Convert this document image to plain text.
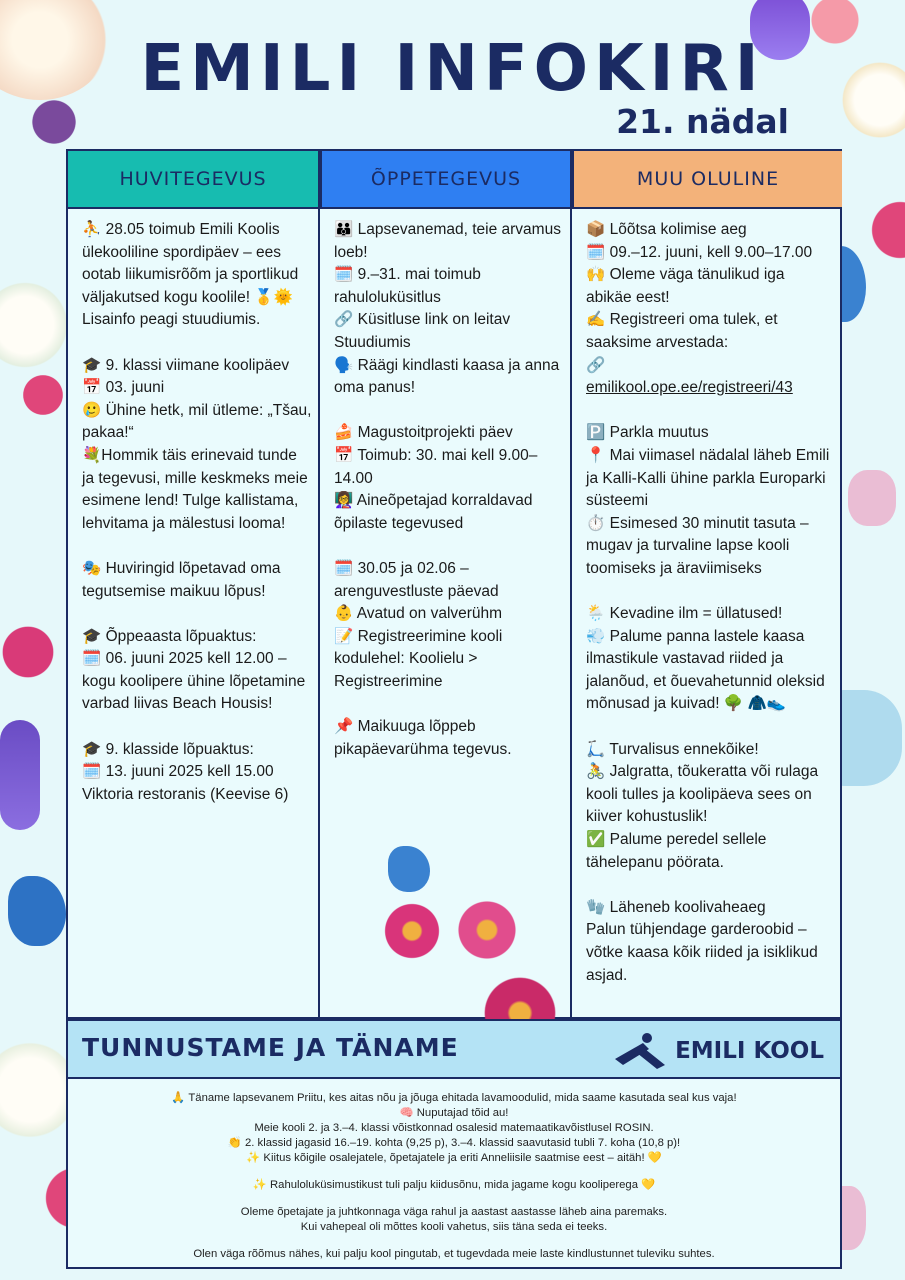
EMILI INFOKIRI
21. nädal
HUVITEGEVUS	ÕPPETEGEVUS	MUU OLULINE

⛹ 28.05 toimub Emili Koolis ülekooliline spordipäev – ees ootab liikumisrõõm ja sportlikud väljakutsed kogu koolile! 🥇🌞

Lisainfo peagi stuudiumis.

🎓 9. klassi viimane koolipäev

📅 03. juuni

🥲 Ühine hetk, mil ütleme: „Tšau, pakaa!“

💐Hommik täis erinevaid tunde ja tegevusi, mille keskmeks meie esimene lend! Tulge kallistama, lehvitama ja mälestusi looma!

🎭 Huviringid lõpetavad oma tegutsemise maikuu lõpus!

🎓 Õppeaasta lõpuaktus:

🗓️ 06. juuni 2025 kell 12.00 – kogu koolipere ühine lõpetamine varbad liivas Beach Housis!

🎓 9. klasside lõpuaktus:

🗓️ 13. juuni 2025 kell 15.00 Viktoria restoranis (Keevise 6)

👪 Lapsevanemad, teie arvamus loeb!

🗓️ 9.–31. mai toimub rahuloluküsitlus

🔗 Küsitluse link on leitav Stuudiumis

🗣️ Räägi kindlasti kaasa ja anna oma panus!

🍰 Magustoitprojekti päev

📅 Toimub: 30. mai kell 9.00–14.00

👩‍🏫 Aineõpetajad korraldavad õpilaste tegevused

🗓️ 30.05 ja 02.06 – arenguvestluste päevad

👶 Avatud on valverühm

📝 Registreerimine kooli kodulehel: Koolielu > Registreerimine

📌 Maikuuga lõppeb pikapäevarühma tegevus.

📦 Lõõtsa kolimise aeg

🗓️ 09.–12. juuni, kell 9.00–17.00

🙌 Oleme väga tänulikud iga abikäe eest!

✍️ Registreeri oma tulek, et saaksime arvestada:

🔗

emilikool.ope.ee/registreeri/43

🅿️ Parkla muutus

📍 Mai viimasel nädalal läheb Emili ja Kalli-Kalli ühine parkla Europarki süsteemi

⏱️ Esimesed 30 minutit tasuta – mugav ja turvaline lapse kooli toomiseks ja äraviimiseks

🌦️ Kevadine ilm = üllatused!

💨 Palume panna lastele kaasa ilmastikule vastavad riided ja jalanõud, et õuevahetunnid oleksid mõnusad ja kuivad! 🌳 🧥👟

🛴 Turvalisus ennekõike!

🚴 Jalgratta, tõukeratta või rulaga kooli tulles ja koolipäeva sees on kiiver kohustuslik!

✅ Palume peredel sellele tähelepanu pöörata.

🧤 Läheneb koolivaheaeg

Palun tühjendage garderoobid – võtke kaasa kõik riided ja isiklikud asjad.

TUNNUSTAME JA TÄNAME	EMILI KOOL

🙏 Täname lapsevanem Priitu, kes aitas nõu ja jõuga ehitada lavamoodulid, mida saame kasutada seal kus vaja!

🧠 Nuputajad tõid au!

Meie kooli 2. ja 3.–4. klassi võistkonnad osalesid matemaatikavõistlusel ROSIN.

👏 2. klassid jagasid 16.–19. kohta (9,25 p), 3.–4. klassid saavutasid tubli 7. koha (10,8 p)!

✨ Kiitus kõigile osalejatele, õpetajatele ja eriti Anneliisile saatmise eest – aitäh! 💛

✨ Rahuloluküsimustikust tuli palju kiidusõnu, mida jagame kogu koolipere​ga 💛

Oleme õpetajate ja juhtkonnaga väga rahul ja aastast aastasse läheb aina paremaks.

Kui vahepeal oli mõttes kooli vahetus, siis täna seda ei teeks.

Olen väga rõõmus nähes, kui palju kool pingutab, et tugevdada meie laste kindlustunnet tuleviku suhtes.
